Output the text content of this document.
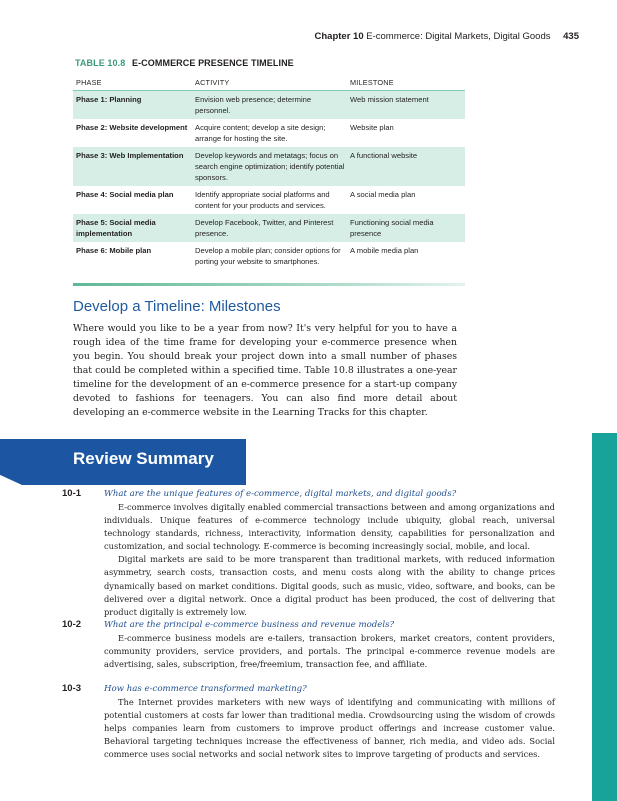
Chapter 10 E-commerce: Digital Markets, Digital Goods 435
TABLE 10.8 E-COMMERCE PRESENCE TIMELINE
PHASE	ACTIVITY	MILESTONE
Phase 1: Planning	Envision web presence; determine personnel.	Web mission statement
Phase 2: Website development	Acquire content; develop a site design; arrange for hosting the site.	Website plan
Phase 3: Web Implementation	Develop keywords and metatags; focus on search engine optimization; identify potential sponsors.	A functional website
Phase 4: Social media plan	Identify appropriate social platforms and content for your products and services.	A social media plan
Phase 5: Social media implementation	Develop Facebook, Twitter, and Pinterest presence.	Functioning social media presence
Phase 6: Mobile plan	Develop a mobile plan; consider options for porting your website to smartphones.	A mobile media plan
Develop a Timeline: Milestones

Where would you like to be a year from now? It's very helpful for you to have a rough idea of the time frame for developing your e-commerce presence when you begin. You should break your project down into a small number of phases that could be completed within a specified time. Table 10.8 illustrates a one-year timeline for the development of an e-commerce presence for a start-up company devoted to fashions for teenagers. You can also find more detail about developing an e-commerce website in the Learning Tracks for this chapter.

Review Summary
10-1	What are the unique features of e-commerce, digital markets, and digital goods?

E-commerce involves digitally enabled commercial transactions between and among organizations and individuals. Unique features of e-commerce technology include ubiquity, global reach, universal technology standards, richness, interactivity, information density, capabilities for personalization and customization, and social technology. E-commerce is becoming increasingly social, mobile, and local.

Digital markets are said to be more transparent than traditional markets, with reduced information asymmetry, search costs, transaction costs, and menu costs along with the ability to change prices dynamically based on market conditions. Digital goods, such as music, video, software, and books, can be delivered over a digital network. Once a digital product has been produced, the cost of delivering that product digitally is extremely low.

10-2	What are the principal e-commerce business and revenue models?

E-commerce business models are e-tailers, transaction brokers, market creators, content providers, community providers, service providers, and portals. The principal e-commerce revenue models are advertising, sales, subscription, free/freemium, transaction fee, and affiliate.

10-3	How has e-commerce transformed marketing?

The Internet provides marketers with new ways of identifying and communicating with millions of potential customers at costs far lower than traditional media. Crowdsourcing using the wisdom of crowds helps companies learn from customers to improve product offerings and increase customer value. Behavioral targeting techniques increase the effectiveness of banner, rich media, and video ads. Social commerce uses social networks and social network sites to improve targeting of products and services.
